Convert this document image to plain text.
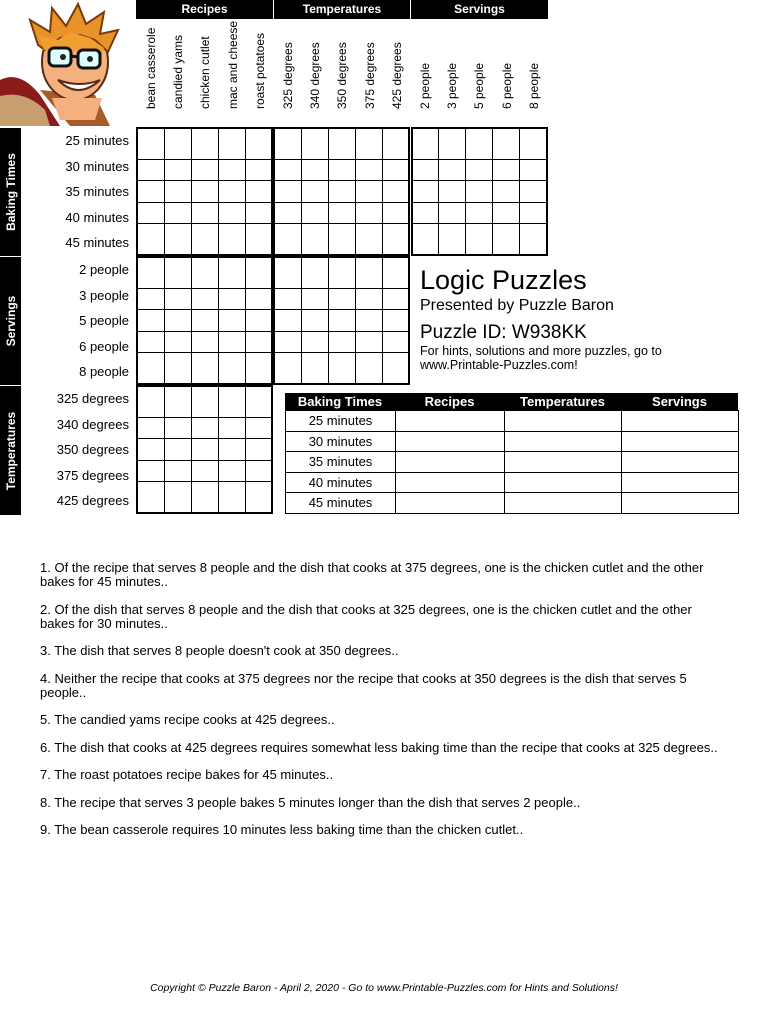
Recipes	Temperatures	Servings
bean casserole candied yams chicken cutlet mac and cheese roast potatoes 325 degrees 340 degrees 350 degrees 375 degrees 425 degrees 2 people 3 people 5 people 6 people 8 people
Baking Times
Servings
Temperatures
25 minutes
30 minutes
35 minutes
40 minutes
45 minutes
2 people
3 people
5 people
6 people
8 people
325 degrees
340 degrees
350 degrees
375 degrees
425 degrees

Logic Puzzles
Presented by Puzzle Baron
Puzzle ID: W938KK
For hints, solutions and more puzzles, go to
www.Printable-Puzzles.com!
Baking Times	Recipes	Temperatures	Servings
25 minutes			
30 minutes			
35 minutes			
40 minutes			
45 minutes			
1. Of the recipe that serves 8 people and the dish that cooks at 375 degrees, one is the chicken cutlet and the other bakes for 45 minutes..
2. Of the dish that serves 8 people and the dish that cooks at 325 degrees, one is the chicken cutlet and the other bakes for 30 minutes..
3. The dish that serves 8 people doesn't cook at 350 degrees..
4. Neither the recipe that cooks at 375 degrees nor the recipe that cooks at 350 degrees is the dish that serves 5 people..
5. The candied yams recipe cooks at 425 degrees..
6. The dish that cooks at 425 degrees requires somewhat less baking time than the recipe that cooks at 325 degrees..
7. The roast potatoes recipe bakes for 45 minutes..
8. The recipe that serves 3 people bakes 5 minutes longer than the dish that serves 2 people..
9. The bean casserole requires 10 minutes less baking time than the chicken cutlet..
Copyright © Puzzle Baron - April 2, 2020 - Go to www.Printable-Puzzles.com for Hints and Solutions!
